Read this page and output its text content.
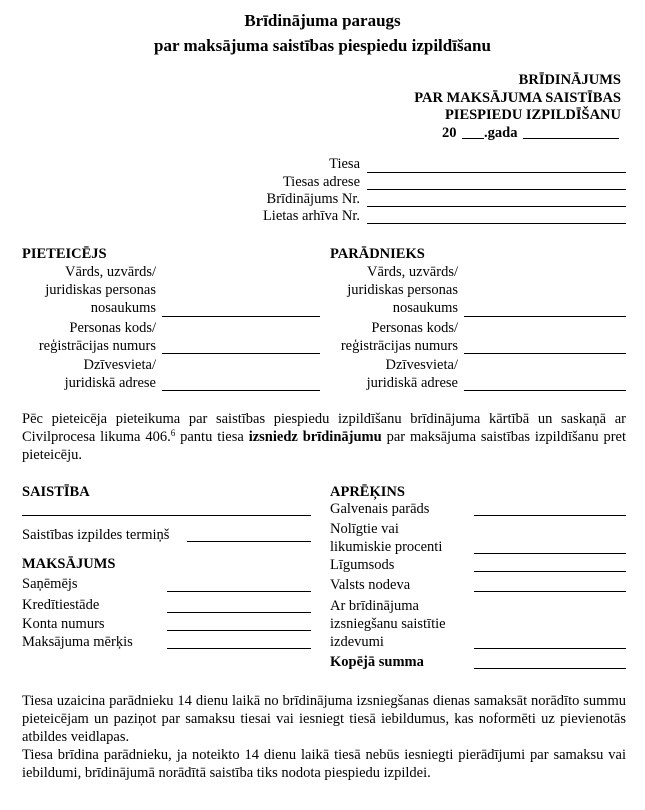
Brīdinājuma paraugs
par maksājuma saistības piespiedu izpildīšanu
BRĪDINĀJUMS
PAR MAKSĀJUMA SAISTĪBAS
PIESPIEDU IZPILDĪŠANU
20 .gada
Tiesa
Tiesas adrese
Brīdinājums Nr.
Lietas arhīva Nr.
PIETEICĒJS
Vārds, uzvārds/
juridiskas personas
nosaukums
Personas kods/
reģistrācijas numurs
Dzīvesvieta/
juridiskā adrese
PARĀDNIEKS
Vārds, uzvārds/
juridiskas personas
nosaukums
Personas kods/
reģistrācijas numurs
Dzīvesvieta/
juridiskā adrese
Pēc pieteicēja pieteikuma par saistības piespiedu izpildīšanu brīdinājuma kārtībā un saskaņā ar Civilprocesa likuma 406.$^6$ pantu tiesa izsniedz brīdinājumu par maksājuma saistības izpildīšanu pret pieteicēju.
SAISTĪBA
Saistības izpildes termiņš
MAKSĀJUMS
Saņēmējs
Kredītiestāde
Konta numurs
Maksājuma mērķis
APRĒĶINS
Galvenais parāds
Nolīgtie vai
likumiskie procenti
Līgumsods
Valsts nodeva
Ar brīdinājuma
izsniegšanu saistītie
izdevumi
Kopējā summa
Tiesa uzaicina parādnieku 14 dienu laikā no brīdinājuma izsniegšanas dienas samaksāt norādīto summu pieteicējam un paziņot par samaksu tiesai vai iesniegt tiesā iebildumus, kas noformēti uz pievienotās atbildes veidlapas.
Tiesa brīdina parādnieku, ja noteikto 14 dienu laikā tiesā nebūs iesniegti pierādījumi par samaksu vai iebildumi, brīdinājumā norādītā saistība tiks nodota piespiedu izpildei.
